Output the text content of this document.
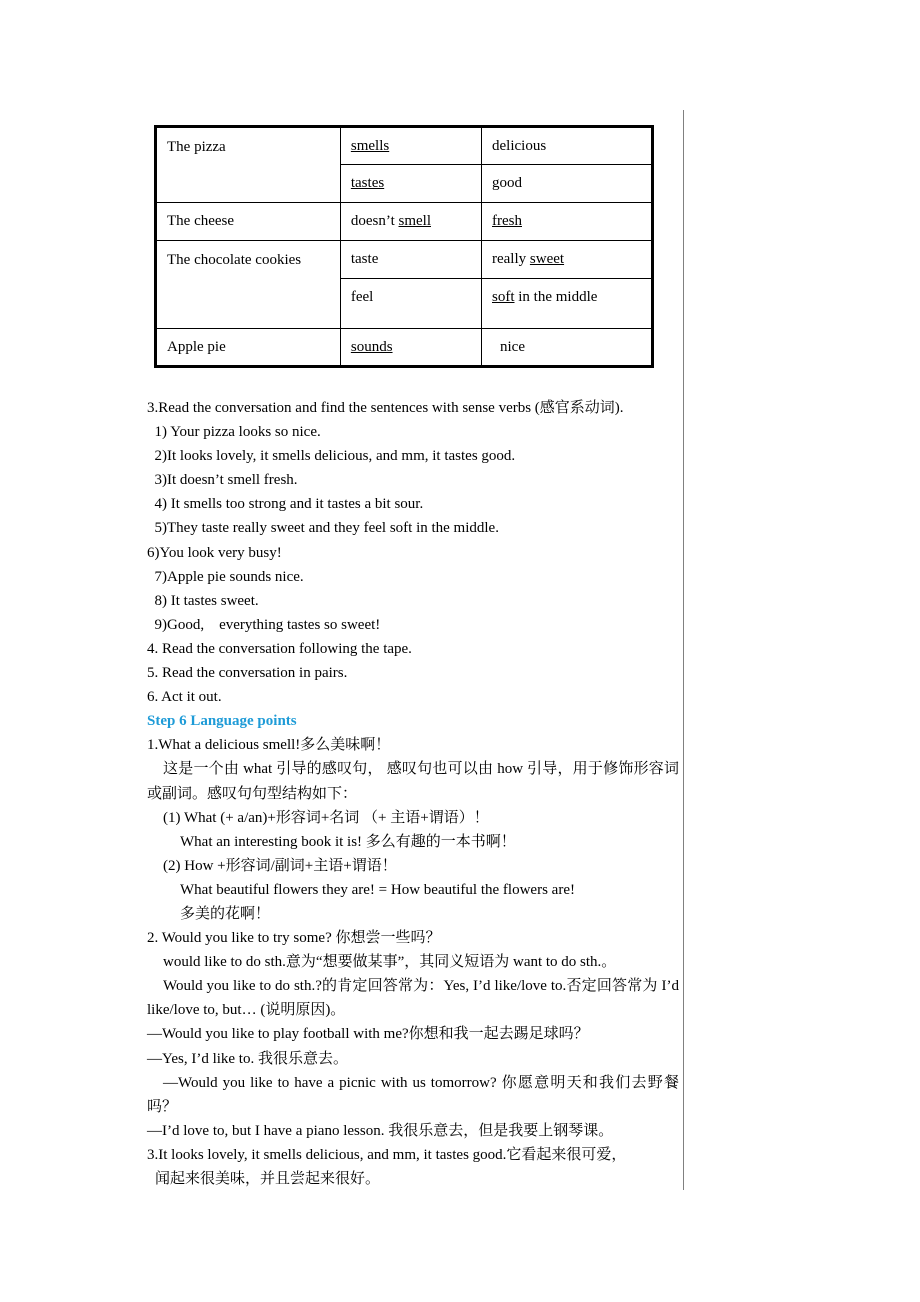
The pizza	smells	delicious
	tastes	good
The cheese	doesn’t smell	fresh
The chocolate cookies	taste	really sweet
	feel	soft in the middle
Apple pie	sounds	nice
3.Read the conversation and find the sentences with sense verbs (感官系动词).
1) Your pizza looks so nice.
2)It looks lovely, it smells delicious, and mm, it tastes good.
3)It doesn’t smell fresh.
4) It smells too strong and it tastes a bit sour.
5)They taste really sweet and they feel soft in the middle.
6)You look very busy!
7)Apple pie sounds nice.
8) It tastes sweet.
9)Good,    everything tastes so sweet!
4. Read the conversation following the tape.
5. Read the conversation in pairs.
6. Act it out.
Step 6 Language points
1.What a delicious smell!多么美味啊！
这是一个由 what 引导的感叹句， 感叹句也可以由 how 引导，用于修饰形容词或副词。感叹句句型结构如下：
(1) What (+ a/an)+形容词+名词 （+ 主语+谓语）！
What an interesting book it is! 多么有趣的一本书啊！
(2) How +形容词/副词+主语+谓语！
What beautiful flowers they are! = How beautiful the flowers are!
多美的花啊！
2. Would you like to try some? 你想尝一些吗？
would like to do sth.意为“想要做某事”，其同义短语为 want to do sth.。
Would you like to do sth.?的肯定回答常为：Yes, I’d like/love to.否定回答常为 I’d like/love to, but… (说明原因)。
—Would you like to play football with me?你想和我一起去踢足球吗？
—Yes, I’d like to. 我很乐意去。
—Would you like to have a picnic with us tomorrow? 你愿意明天和我们去野餐吗？
—I’d love to, but I have a piano lesson. 我很乐意去，但是我要上钢琴课。
3.It looks lovely, it smells delicious, and mm, it tastes good.它看起来很可爱，
闻起来很美味，并且尝起来很好。
